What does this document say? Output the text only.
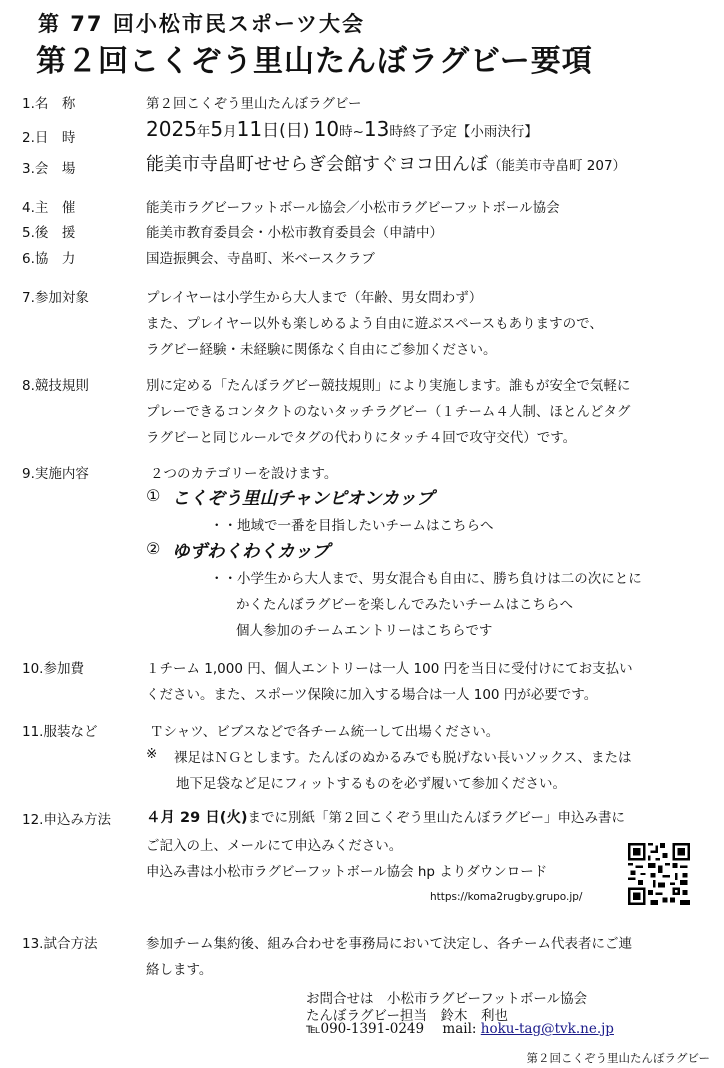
第 77 回小松市民スポーツ大会
第２回こくぞう里山たんぼラグビー要項
1.名　称	第２回こくぞう里山たんぼラグビー
2.日　時	2025年5月11日(日) 10時~13時終了予定【小雨決行】
3.会　場	能美市寺畠町せせらぎ会館すぐヨコ田んぼ（能美市寺畠町 207）
4.主　催	能美市ラグビーフットボール協会／小松市ラグビーフットボール協会
5.後　援	能美市教育委員会・小松市教育委員会（申請中）
6.協　力	国造振興会、寺畠町、米ベースクラブ
7.参加対象	プレイヤーは小学生から大人まで（年齢、男女問わず）
また、プレイヤー以外も楽しめるよう自由に遊ぶスペースもありますので、
ラグビー経験・未経験に関係なく自由にご参加ください。
8.競技規則	別に定める「たんぼラグビー競技規則」により実施します。誰もが安全で気軽に
プレーできるコンタクトのないタッチラグビー（１チーム４人制、ほとんどタグ
ラグビーと同じルールでタグの代わりにタッチ４回で攻守交代）です。
9.実施内容	２つのカテゴリーを設けます。
① こくぞう里山チャンピオンカップ
・・地域で一番を目指したいチームはこちらへ
② ゆずわくわくカップ
・・小学生から大人まで、男女混合も自由に、勝ち負けは二の次にとに
かくたんぼラグビーを楽しんでみたいチームはこちらへ
個人参加のチームエントリーはこちらです
10.参加費	１チーム 1,000 円、個人エントリーは一人 100 円を当日に受付けにてお支払い
ください。また、スポーツ保険に加入する場合は一人 100 円が必要です。
11.服装など	Ｔシャツ、ビブスなどで各チーム統一して出場ください。
※ 裸足はＮＧとします。たんぼのぬかるみでも脱げない長いソックス、または
地下足袋など足にフィットするものを必ず履いて参加ください。
12.申込み方法 ４月 29 日(火)までに別紙「第２回こくぞう里山たんぼラグビー」申込み書に
ご記入の上、メールにて申込みください。
申込み書は小松市ラグビーフットボール協会 hp よりダウンロード
https://koma2rugby.grupo.jp/
13.試合方法	参加チーム集約後、組み合わせを事務局において決定し、各チーム代表者にご連
絡します。
お問合せは　小松市ラグビーフットボール協会
たんぼラグビー担当　鈴木　利也
℡090-1391-0249 mail: hoku-tag@tvk.ne.jp
第２回こくぞう里山たんぼラグビー
